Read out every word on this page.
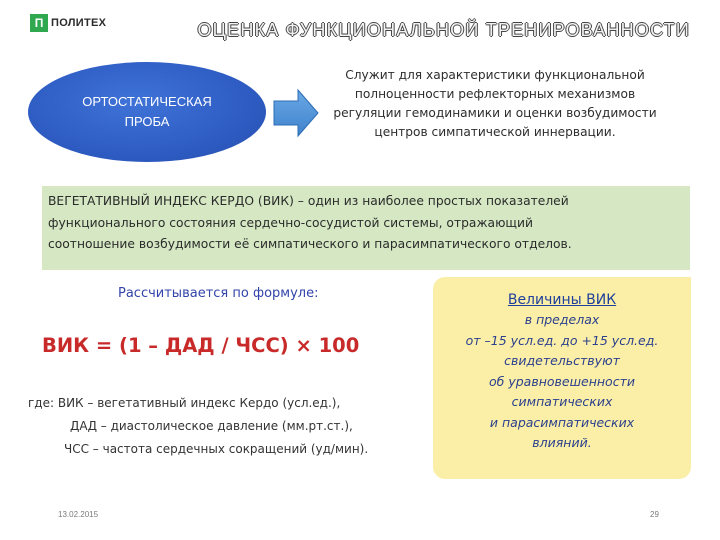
П ПОЛИТЕХ	ОЦЕНКА ФУНКЦИОНАЛЬНОЙ ТРЕНИРОВАННОСТИ
ОРТОСТАТИЧЕСКАЯ ПРОБА
Служит для характеристики функциональной полноценности рефлекторных механизмов регуляции гемодинамики и оценки возбудимости центров симпатической иннервации.
ВЕГЕТАТИВНЫЙ ИНДЕКС КЕРДО (ВИК) – один из наиболее простых показателей
функционального состояния сердечно-сосудистой системы, отражающий
соотношение возбудимости её симпатического и парасимпатического отделов.
Рассчитывается по формуле:
ВИК = (1 – ДАД / ЧСС) × 100
где: ВИК – вегетативный индекс Кердо (усл.ед.),
ДАД – диастолическое давление (мм.рт.ст.),
ЧСС – частота сердечных сокращений (уд/мин).
Величины ВИК
в пределах
от –15 усл.ед. до +15 усл.ед.
свидетельствуют
об уравновешенности
симпатических
и парасимпатических
влияний.
13.02.2015	29
